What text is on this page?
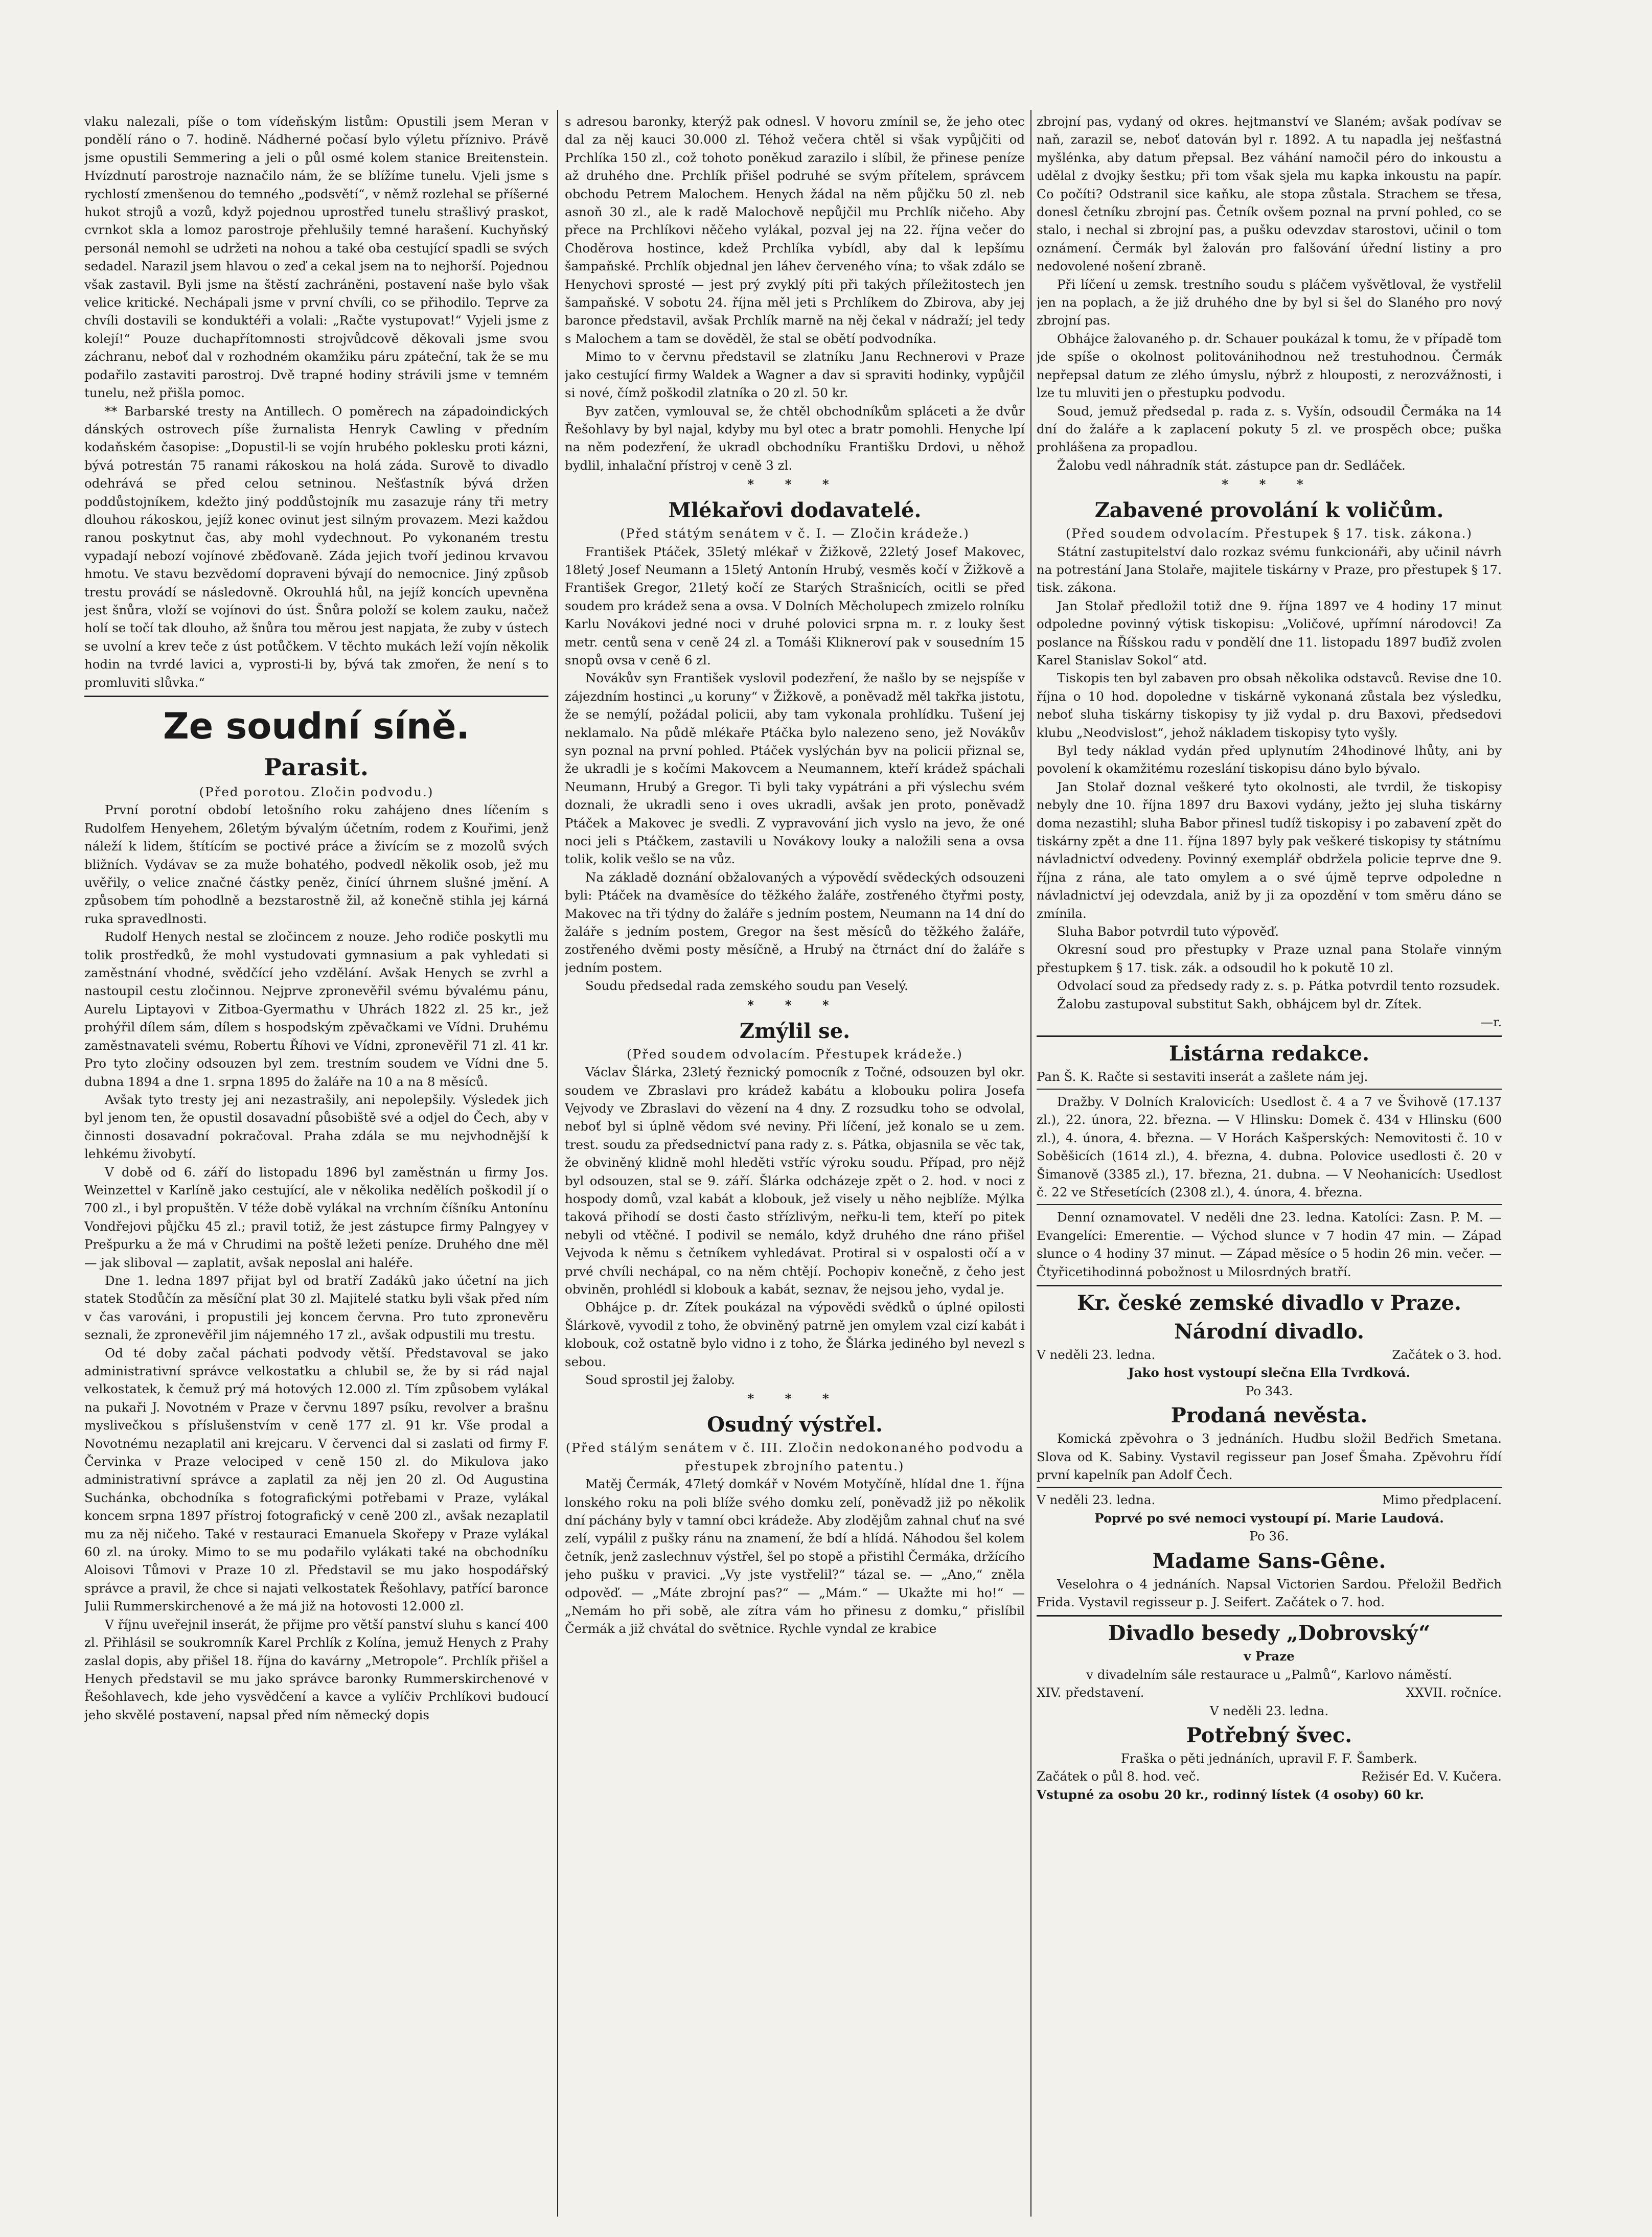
vlaku nalezali, píše o tom vídeňským listům: Opustili jsem Meran v pondělí ráno o 7. hodině. Nádherné počasí bylo výletu příznivo. Právě jsme opustili Semmering a jeli o půl osmé kolem stanice Breitenstein. Hvízdnutí parostroje naznačilo nám, že se blížíme tunelu. Vjeli jsme s rychlostí zmenšenou do temného „podsvětí“, v němž rozlehal se příšerné hukot strojů a vozů, když pojednou uprostřed tunelu strašlivý praskot, cvrnkot skla a lomoz parostroje přehlušily temné harašení. Kuchyňský personál nemohl se udržeti na nohou a také oba cestující spadli se svých sedadel. Narazil jsem hlavou o zeď a cekal jsem na to nejhorší. Pojednou však zastavil. Byli jsme na štěstí zachráněni, postavení naše bylo však velice kritické. Nechápali jsme v první chvíli, co se přihodilo. Teprve za chvíli dostavili se konduktéři a volali: „Račte vystupovat!“ Vyjeli jsme z kolejí!“ Pouze duchapřítomnosti strojvůdcově děkovali jsme svou záchranu, neboť dal v rozhodném okamžiku páru zpáteční, tak že se mu podařilo zastaviti parostroj. Dvě trapné hodiny strávili jsme v temném tunelu, než přišla pomoc.

** Barbarské tresty na Antillech. O poměrech na západoindických dánských ostrovech píše žurnalista Henryk Cawling v předním kodaňském časopise: „Dopustil-li se vojín hrubého poklesku proti kázni, bývá potrestán 75 ranami rákoskou na holá záda. Surově to divadlo odehrává se před celou setninou. Nešťastník bývá držen poddůstojníkem, kdežto jiný poddůstojník mu zasazuje rány tři metry dlouhou rákoskou, jejíž konec ovinut jest silným provazem. Mezi každou ranou poskytnut čas, aby mohl vydechnout. Po vykonaném trestu vypadají nebozí vojínové zběďovaně. Záda jejich tvoří jedinou krvavou hmotu. Ve stavu bezvědomí dopraveni bývají do nemocnice. Jiný způsob trestu provádí se následovně. Okrouhlá hůl, na jejíž koncích upevněna jest šnůra, vloží se vojínovi do úst. Šnůra položí se kolem zauku, načež holí se točí tak dlouho, až šnůra tou měrou jest napjata, že zuby v ústech se uvolní a krev teče z úst potůčkem. V těchto mukách leží vojín několik hodin na tvrdé lavici a, vyprosti-li by, bývá tak zmořen, že není s to promluviti slůvka.“

Ze soudní síně.
Parasit.

(Před porotou. Zločin podvodu.)

První porotní období letošního roku zahájeno dnes líčením s Rudolfem Henyehem, 26letým bývalým účetním, rodem z Kouřimi, jenž náleží k lidem, štítícím se poctivé práce a živícím se z mozolů svých bližních. Vydávav se za muže bohatého, podvedl několik osob, jež mu uvěřily, o velice značné částky peněz, činící úhrnem slušné jmění. A způsobem tím pohodlně a bezstarostně žil, až konečně stihla jej kárná ruka spravedlnosti.

Rudolf Henych nestal se zločincem z nouze. Jeho rodiče poskytli mu tolik prostředků, že mohl vystudovati gymnasium a pak vyhledati si zaměstnání vhodné, svědčící jeho vzdělání. Avšak Henych se zvrhl a nastoupil cestu zločinnou. Nejprve zpronevěřil svému bývalému pánu, Aurelu Liptayovi v Zitboa-Gyermathu v Uhrách 1822 zl. 25 kr., jež prohýřil dílem sám, dílem s hospodským zpěvačkami ve Vídni. Druhému zaměstnavateli svému, Robertu Říhovi ve Vídni, zpronevěřil 71 zl. 41 kr. Pro tyto zločiny odsouzen byl zem. trestním soudem ve Vídni dne 5. dubna 1894 a dne 1. srpna 1895 do žaláře na 10 a na 8 měsíců.

Avšak tyto tresty jej ani nezastrašily, ani nepolepšily. Výsledek jich byl jenom ten, že opustil dosavadní působiště své a odjel do Čech, aby v činnosti dosavadní pokračoval. Praha zdála se mu nejvhodnější k lehkému živobytí.

V době od 6. září do listopadu 1896 byl zaměstnán u firmy Jos. Weinzettel v Karlíně jako cestující, ale v několika nedělích poškodil jí o 700 zl., i byl propuštěn. V téže době vylákal na vrchním číšníku Antonínu Vondřejovi půjčku 45 zl.; pravil totiž, že jest zástupce firmy Palngyey v Prešpurku a že má v Chrudimi na poště ležeti peníze. Druhého dne měl — jak sliboval — zaplatit, avšak neposlal ani haléře.

Dne 1. ledna 1897 přijat byl od bratří Zadákû jako účetní na jich statek Stodůčín za měsíční plat 30 zl. Majitelé statku byli však před ním v čas varováni, i propustili jej koncem června. Pro tuto zpronevěru seznali, že zpronevěřil jim nájemného 17 zl., avšak odpustili mu trestu.

Od té doby začal páchati podvody větší. Představoval se jako administrativní správce velkostatku a chlubil se, že by si rád najal velkostatek, k čemuž prý má hotových 12.000 zl. Tím způsobem vylákal na pukaři J. Novotném v Praze v červnu 1897 psíku, revolver a brašnu myslivečkou s příslušenstvím v ceně 177 zl. 91 kr. Vše prodal a Novotnému nezaplatil ani krejcaru. V červenci dal si zaslati od firmy F. Červinka v Praze velociped v ceně 150 zl. do Mikulova jako administrativní správce a zaplatil za něj jen 20 zl. Od Augustina Suchánka, obchodníka s fotografickými potřebami v Praze, vylákal koncem srpna 1897 přístroj fotografický v ceně 200 zl., avšak nezaplatil mu za něj ničeho. Také v restauraci Emanuela Skořepy v Praze vylákal 60 zl. na úroky. Mimo to se mu podařilo vylákati také na obchodníku Aloisovi Tůmovi v Praze 10 zl. Představil se mu jako hospodářský správce a pravil, že chce si najati velkostatek Řešohlavy, patřící baronce Julii Rummerskirchenové a že má již na hotovosti 12.000 zl.

V říjnu uveřejnil inserát, že přijme pro větší panství sluhu s kancí 400 zl. Přihlásil se soukromník Karel Prchlík z Kolína, jemuž Henych z Prahy zaslal dopis, aby přišel 18. října do kavárny „Metropole“. Prchlík přišel a Henych představil se mu jako správce baronky Rummerskirchenové v Řešohlavech, kde jeho vysvědčení a kavce a vylíčiv Prchlíkovi budoucí jeho skvělé postavení, napsal před ním německý dopis

s adresou baronky, kterýž pak odnesl. V hovoru zmínil se, že jeho otec dal za něj kauci 30.000 zl. Téhož večera chtěl si však vypůjčiti od Prchlíka 150 zl., což tohoto poněkud zarazilo i slíbil, že přinese peníze až druhého dne. Prchlík přišel podruhé se svým přítelem, správcem obchodu Petrem Malochem. Henych žádal na něm půjčku 50 zl. neb asnoň 30 zl., ale k radě Malochově nepůjčil mu Prchlík ničeho. Aby přece na Prchlíkovi něčeho vylákal, pozval jej na 22. října večer do Choděrova hostince, kdež Prchlíka vybídl, aby dal k lepšímu šampaňské. Prchlík objednal jen láhev červeného vína; to však zdálo se Henychovi sprosté — jest prý zvyklý píti při takých příležitostech jen šampaňské. V sobotu 24. října měl jeti s Prchlíkem do Zbirova, aby jej baronce představil, avšak Prchlík marně na něj čekal v nádraží; jel tedy s Malochem a tam se dověděl, že stal se obětí podvodníka.

Mimo to v červnu představil se zlatníku Janu Rechnerovi v Praze jako cestující firmy Waldek a Wagner a dav si spraviti hodinky, vypůjčil si nové, čímž poškodil zlatníka o 20 zl. 50 kr.

Byv zatčen, vymlouval se, že chtěl obchodníkům spláceti a že dvůr Řešohlavy by byl najal, kdyby mu byl otec a bratr pomohli. Henyche lpí na něm podezření, že ukradl obchodníku Františku Drdovi, u něhož bydlil, inhalační přístroj v ceně 3 zl.

* * *

Mlékařovi dodavatelé.

(Před státým senátem v č. I. — Zločin krádeže.)

František Ptáček, 35letý mlékař v Žižkově, 22letý Josef Makovec, 18letý Josef Neumann a 15letý Antonín Hrubý, vesměs kočí v Žižkově a František Gregor, 21letý kočí ze Starých Strašnicích, ocitli se před soudem pro krádež sena a ovsa. V Dolních Měcholupech zmizelo rolníku Karlu Novákovi jedné noci v druhé polovici srpna m. r. z louky šest metr. centů sena v ceně 24 zl. a Tomáši Klikneroví pak v sousedním 15 snopů ovsa v ceně 6 zl.

Novákův syn František vyslovil podezření, že našlo by se nejspíše v zájezdním hostinci „u koruny“ v Žižkově, a poněvadž měl takřka jistotu, že se nemýlí, požádal policii, aby tam vykonala prohlídku. Tušení jej neklamalo. Na půdě mlékaře Ptáčka bylo nalezeno seno, jež Novákův syn poznal na první pohled. Ptáček vyslýchán byv na policii přiznal se, že ukradli je s kočími Makovcem a Neumannem, kteří krádež spáchali Neumann, Hrubý a Gregor. Ti byli taky vypátráni a při výslechu svém doznali, že ukradli seno i oves ukradli, avšak jen proto, poněvadž Ptáček a Makovec je svedli. Z vypravování jich vyslo na jevo, že oné noci jeli s Ptáčkem, zastavili u Novákovy louky a naložili sena a ovsa tolik, kolik vešlo se na vůz.

Na základě doznání obžalovaných a výpovědí svědeckých odsouzeni byli: Ptáček na dvaměsíce do těžkého žaláře, zostřeného čtyřmi posty, Makovec na tři týdny do žaláře s jedním postem, Neumann na 14 dní do žaláře s jedním postem, Gregor na šest měsíců do těžkého žaláře, zostřeného dvěmi posty měsíčně, a Hrubý na čtrnáct dní do žaláře s jedním postem.

Soudu předsedal rada zemského soudu pan Veselý.

* * *

Zmýlil se.

(Před soudem odvolacím. Přestupek krádeže.)

Václav Šlárka, 23letý řeznický pomocník z Točné, odsouzen byl okr. soudem ve Zbraslavi pro krádež kabátu a klobouku polira Josefa Vejvody ve Zbraslavi do vězení na 4 dny. Z rozsudku toho se odvolal, neboť byl si úplně vědom své neviny. Při líčení, jež konalo se u zem. trest. soudu za předsednictví pana rady z. s. Pátka, objasnila se věc tak, že obviněný klidně mohl hleděti vstříc výroku soudu. Případ, pro nějž byl odsouzen, stal se 9. září. Šlárka odcházeje zpět o 2. hod. v noci z hospody domů, vzal kabát a klobouk, jež visely u něho nejblíže. Mýlka taková přihodí se dosti často střízlivým, neřku-li tem, kteří po pitek nebyli od vtěčné. I podivil se nemálo, když druhého dne ráno přišel Vejvoda k němu s četníkem vyhledávat. Protiral si v ospalosti očí a v prvé chvíli nechápal, co na něm chtějí. Pochopiv konečně, z čeho jest obviněn, prohlédl si klobouk a kabát, seznav, že nejsou jeho, vydal je.

Obhájce p. dr. Zítek poukázal na výpovědi svědků o úplné opilosti Šlárkově, vyvodil z toho, že obviněný patrně jen omylem vzal cizí kabát i klobouk, což ostatně bylo vidno i z toho, že Šlárka jediného byl nevezl s sebou.

Soud sprostil jej žaloby.

* * *

Osudný výstřel.

(Před stálým senátem v č. III. Zločin nedokonaného podvodu a přestupek zbrojního patentu.)

Matěj Čermák, 47letý domkář v Novém Motyčíně, hlídal dne 1. října lonského roku na poli blíže svého domku zelí, poněvadž již po několik dní páchány byly v tamní obci krádeže. Aby zlodějům zahnal chuť na své zelí, vypálil z pušky ránu na znamení, že bdí a hlídá. Náhodou šel kolem četník, jenž zaslechnuv výstřel, šel po stopě a přistihl Čermáka, držícího jeho pušku v pravici. „Vy jste vystřelil?“ tázal se. — „Ano,“ zněla odpověď. — „Máte zbrojní pas?“ — „Mám.“ — Ukažte mi ho!“ — „Nemám ho při sobě, ale zítra vám ho přinesu z domku,“ přislíbil Čermák a již chvátal do světnice. Rychle vyndal ze krabice

zbrojní pas, vydaný od okres. hejtmanství ve Slaném; avšak podívav se naň, zarazil se, neboť datován byl r. 1892. A tu napadla jej nešťastná myšlénka, aby datum přepsal. Bez váhání namočil péro do inkoustu a udělal z dvojky šestku; při tom však sjela mu kapka inkoustu na papír. Co počíti? Odstranil sice kaňku, ale stopa zůstala. Strachem se třesa, donesl četníku zbrojní pas. Četník ovšem poznal na první pohled, co se stalo, i nechal si zbrojní pas, a pušku odevzdav starostovi, učinil o tom oznámení. Čermák byl žalován pro falšování úřední listiny a pro nedovolené nošení zbraně.

Při líčení u zemsk. trestního soudu s pláčem vyšvětloval, že vystřelil jen na poplach, a že již druhého dne by byl si šel do Slaného pro nový zbrojní pas.

Obhájce žalovaného p. dr. Schauer poukázal k tomu, že v případě tom jde spíše o okolnost politovánihodnou než trestuhodnou. Čermák nepřepsal datum ze zlého úmyslu, nýbrž z hlouposti, z nerozvážnosti, i lze tu mluviti jen o přestupku podvodu.

Soud, jemuž předsedal p. rada z. s. Vyšín, odsoudil Čermáka na 14 dní do žaláře a k zaplacení pokuty 5 zl. ve prospěch obce; puška prohlášena za propadlou.

Žalobu vedl náhradník stát. zástupce pan dr. Sedláček.

* * *

Zabavené provolání k voličům.

(Před soudem odvolacím. Přestupek § 17. tisk. zákona.)

Státní zastupitelství dalo rozkaz svému funkcionáři, aby učinil návrh na potrestání Jana Stolaře, majitele tiskárny v Praze, pro přestupek § 17. tisk. zákona.

Jan Stolař předložil totiž dne 9. října 1897 ve 4 hodiny 17 minut odpoledne povinný výtisk tiskopisu: „Voličové, upřímní národovci! Za poslance na Říšskou radu v pondělí dne 11. listopadu 1897 buďiž zvolen Karel Stanislav Sokol“ atd.

Tiskopis ten byl zabaven pro obsah několika odstavců. Revise dne 10. října o 10 hod. dopoledne v tiskárně vykonaná zůstala bez výsledku, neboť sluha tiskárny tiskopisy ty již vydal p. dru Baxovi, předsedovi klubu „Neodvislost“, jehož nákladem tiskopisy tyto vyšly.

Byl tedy náklad vydán před uplynutím 24hodinové lhůty, ani by povolení k okamžitému rozeslání tiskopisu dáno bylo bývalo.

Jan Stolař doznal veškeré tyto okolnosti, ale tvrdil, že tiskopisy nebyly dne 10. října 1897 dru Baxovi vydány, ježto jej sluha tiskárny doma nezastihl; sluha Babor přinesl tudíž tiskopisy i po zabavení zpět do tiskárny zpět a dne 11. října 1897 byly pak veškeré tiskopisy ty státnímu návladnictví odvedeny. Povinný exemplář obdržela policie teprve dne 9. října z rána, ale tato omylem a o své újmě teprve odpoledne n návladnictví jej odevzdala, aniž by ji za opozdění v tom směru dáno se zmínila.

Sluha Babor potvrdil tuto výpověď.

Okresní soud pro přestupky v Praze uznal pana Stolaře vinným přestupkem § 17. tisk. zák. a odsoudil ho k pokutě 10 zl.

Odvolací soud za předsedy rady z. s. p. Pátka potvrdil tento rozsudek.

Žalobu zastupoval substitut Sakh, obhájcem byl dr. Zítek.

—r.

Listárna redakce.

Pan Š. K. Račte si sestaviti inserát a zašlete nám jej.

Dražby. V Dolních Kralovicích: Usedlost č. 4 a 7 ve Švihově (17.137 zl.), 22. února, 22. března. — V Hlinsku: Domek č. 434 v Hlinsku (600 zl.), 4. února, 4. března. — V Horách Kašperských: Nemovitosti č. 10 v Soběšicích (1614 zl.), 4. března, 4. dubna. Polovice usedlosti č. 20 v Šimanově (3385 zl.), 17. března, 21. dubna. — V Neohanicích: Usedlost č. 22 ve Střesetících (2308 zl.), 4. února, 4. března.

Denní oznamovatel. V neděli dne 23. ledna. Katolíci: Zasn. P. M. — Evangelíci: Emerentie. — Východ slunce v 7 hodin 47 min. — Západ slunce o 4 hodiny 37 minut. — Západ měsíce o 5 hodin 26 min. večer. — Čtyřicetihodinná pobožnost u Milosrdných bratří.

Kr. české zemské divadlo v Praze.
Národní divadlo.
V neděli 23. ledna.	Začátek o 3. hod.

Jako host vystoupí slečna Ella Tvrdková.

Po 343.

Prodaná nevěsta.

Komická zpěvohra o 3 jednáních. Hudbu složil Bedřich Smetana. Slova od K. Sabiny. Vystavil regisseur pan Josef Šmaha. Zpěvohru řídí první kapelník pan Adolf Čech.

V neděli 23. ledna.	Mimo předplacení.

Poprvé po své nemoci vystoupí pí. Marie Laudová.

Po 36.

Madame Sans-Gêne.

Veselohra o 4 jednáních. Napsal Victorien Sardou. Přeložil Bedřich Frida. Vystavil regisseur p. J. Seifert. Začátek o 7. hod.

Divadlo besedy „Dobrovský“

v Praze

v divadelním sále restaurace u „Palmů“, Karlovo náměstí.

XIV. představení.	XXVII. ročníce.

V neděli 23. ledna.

Potřebný švec.

Fraška o pěti jednáních, upravil F. F. Šamberk.

Začátek o půl 8. hod. več.	Režisér Ed. V. Kučera.

Vstupné za osobu 20 kr., rodinný lístek (4 osoby) 60 kr.
